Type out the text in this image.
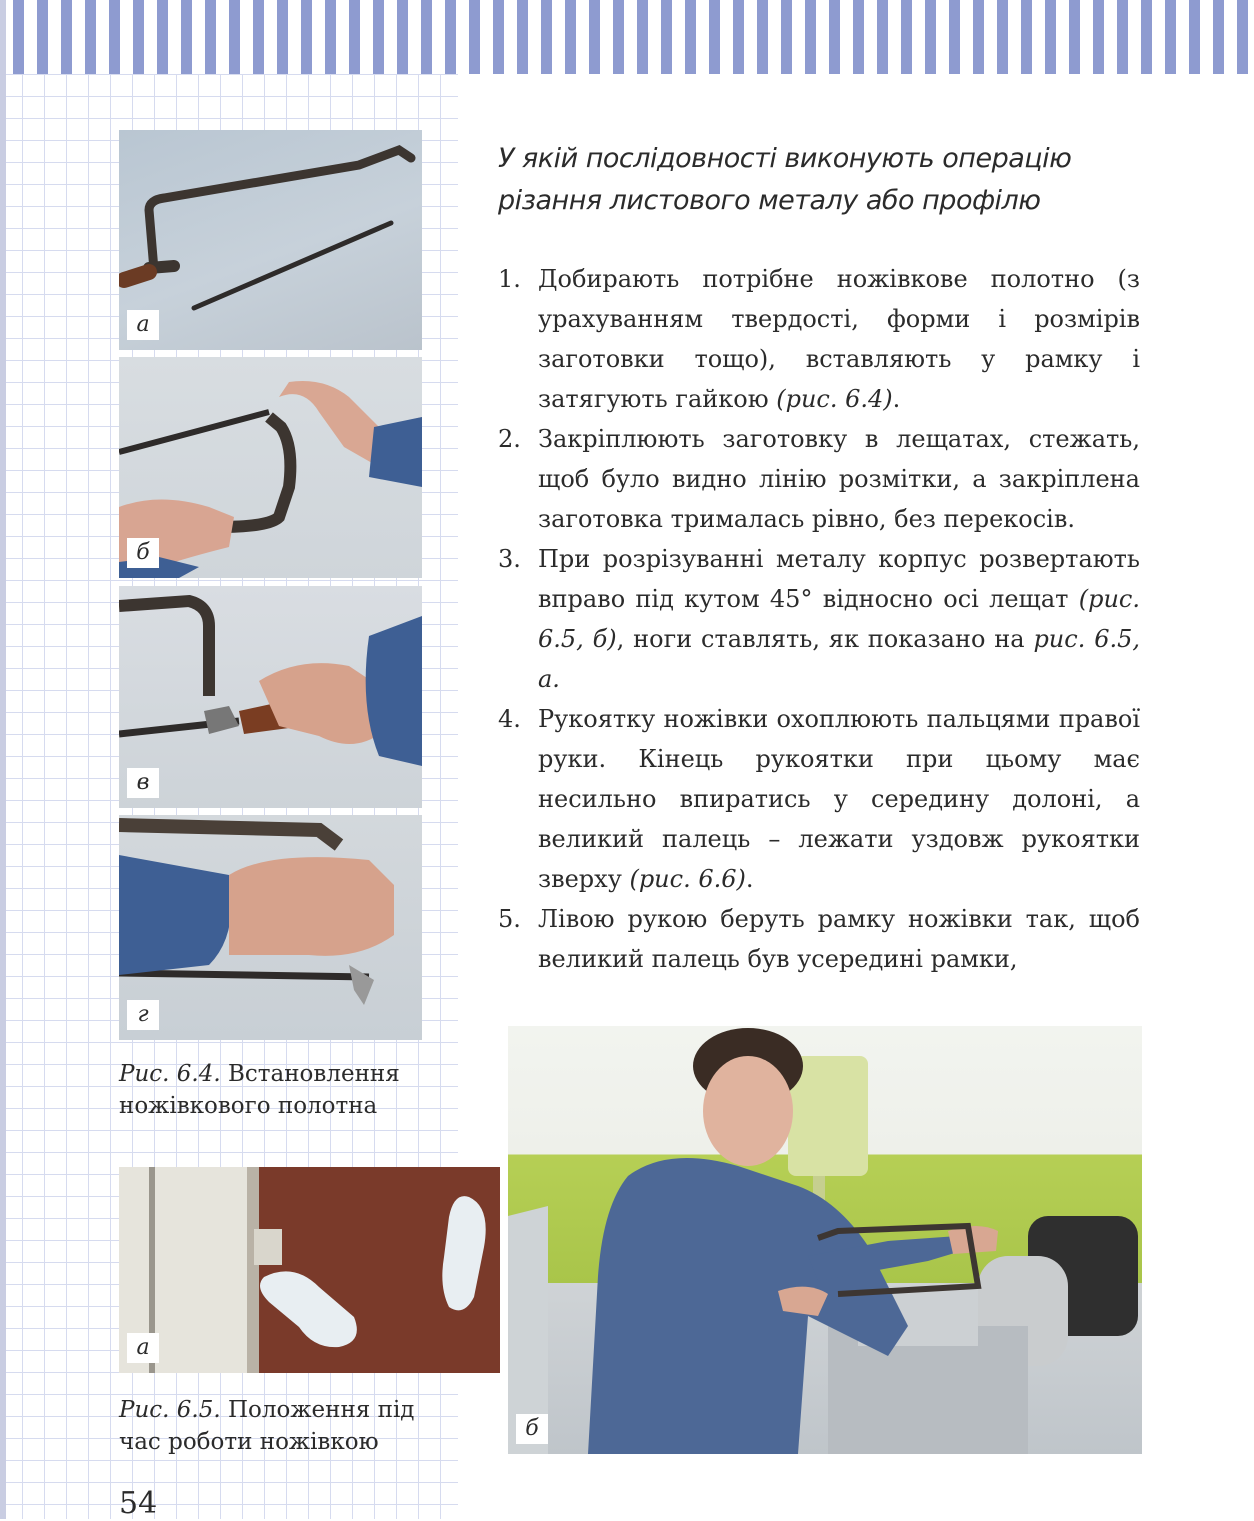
а
б
в
г
Рис. 6.4. Встановлення ножівкового полотна
а
Рис. 6.5. Положення під час роботи ножівкою
б
У якій послідовності виконують операцію різання листового металу або профілю
1. Добирають потрібне ножівкове полотно (з урахуванням твердості, форми і розмірів заготовки тощо), вставляють у рамку і затягують гайкою (рис. 6.4).
2. Закріплюють заготовку в лещатах, стежать, щоб було видно лінію розмітки, а закріплена заготовка трималась рівно, без перекосів.
3. При розрізуванні металу корпус розвертають вправо під кутом 45° відносно осі лещат (рис. 6.5, б), ноги ставлять, як показано на рис. 6.5, а.
4. Рукоятку ножівки охоплюють пальцями правої руки. Кінець рукоятки при цьому має несильно впиратись у середину долоні, а великий палець – лежати уздовж рукоятки зверху (рис. 6.6).
5. Лівою рукою беруть рамку ножівки так, щоб великий палець був усередині рамки,
54
